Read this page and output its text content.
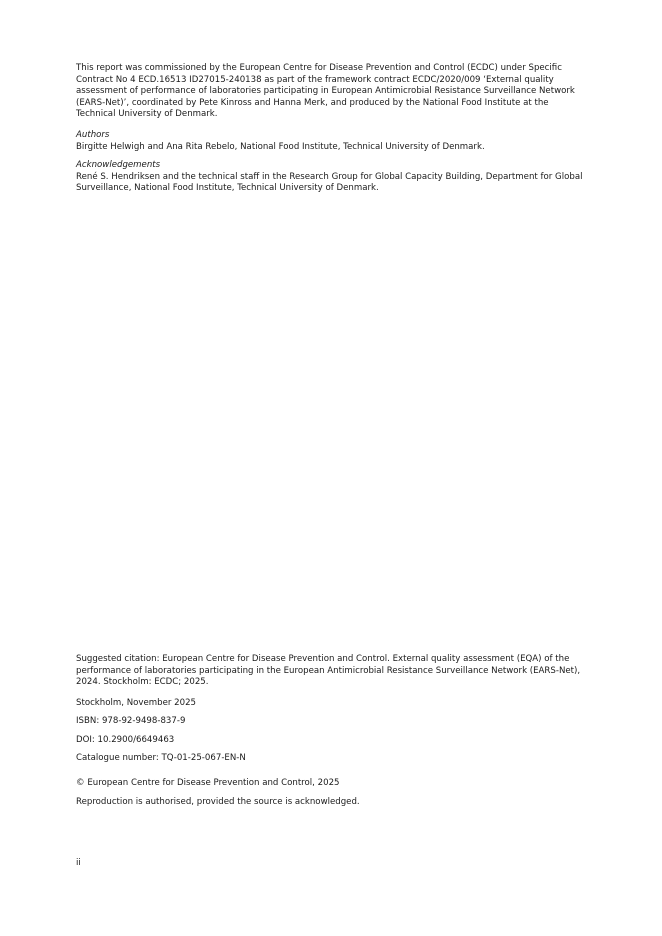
This report was commissioned by the European Centre for Disease Prevention and Control (ECDC) under Specific Contract No 4 ECD.16513 ID27015-240138 as part of the framework contract ECDC/2020/009 ‘External quality assessment of performance of laboratories participating in European Antimicrobial Resistance Surveillance Network (EARS-Net)’, coordinated by Pete Kinross and Hanna Merk, and produced by the National Food Institute at the Technical University of Denmark.

Authors

Birgitte Helwigh and Ana Rita Rebelo, National Food Institute, Technical University of Denmark.

Acknowledgements

René S. Hendriksen and the technical staff in the Research Group for Global Capacity Building, Department for Global Surveillance, National Food Institute, Technical University of Denmark.

Suggested citation: European Centre for Disease Prevention and Control. External quality assessment (EQA) of the performance of laboratories participating in the European Antimicrobial Resistance Surveillance Network (EARS-Net), 2024. Stockholm: ECDC; 2025.

Stockholm, November 2025

ISBN: 978-92-9498-837-9

DOI: 10.2900/6649463

Catalogue number: TQ-01-25-067-EN-N

© European Centre for Disease Prevention and Control, 2025

Reproduction is authorised, provided the source is acknowledged.

ii
